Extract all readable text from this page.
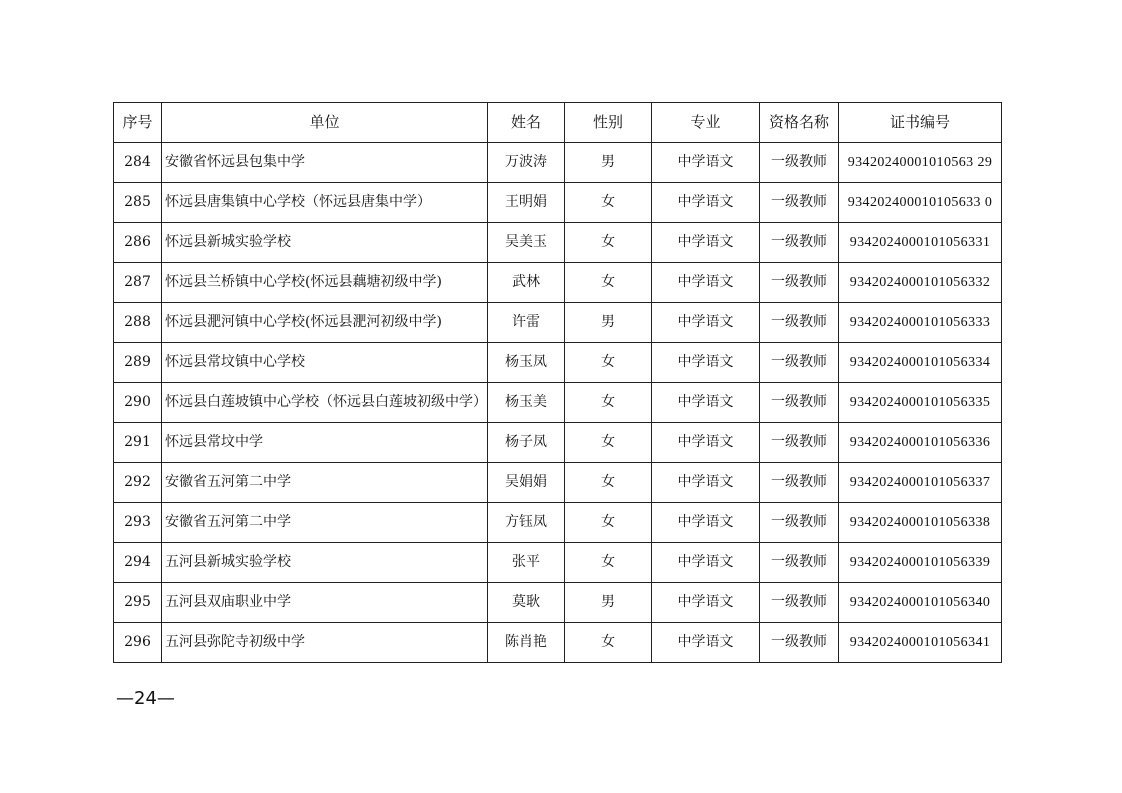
序号	单位	姓名	性别	专业	资格名称	证书编号
284	安徽省怀远县包集中学	万波涛	男	中学语文	一级教师	93420240001010563 29
285	怀远县唐集镇中心学校（怀远县唐集中学）	王明娟	女	中学语文	一级教师	934202400010105633 0
286	怀远县新城实验学校	吴美玉	女	中学语文	一级教师	9342024000101056331
287	怀远县兰桥镇中心学校(怀远县藕塘初级中学)	武林	女	中学语文	一级教师	9342024000101056332
288	怀远县淝河镇中心学校(怀远县淝河初级中学)	许雷	男	中学语文	一级教师	9342024000101056333
289	怀远县常坟镇中心学校	杨玉凤	女	中学语文	一级教师	9342024000101056334
290	怀远县白莲坡镇中心学校（怀远县白莲坡初级中学）	杨玉美	女	中学语文	一级教师	9342024000101056335
291	怀远县常坟中学	杨子凤	女	中学语文	一级教师	9342024000101056336
292	安徽省五河第二中学	吴娟娟	女	中学语文	一级教师	9342024000101056337
293	安徽省五河第二中学	方钰凤	女	中学语文	一级教师	9342024000101056338
294	五河县新城实验学校	张平	女	中学语文	一级教师	9342024000101056339
295	五河县双庙职业中学	莫耿	男	中学语文	一级教师	9342024000101056340
296	五河县弥陀寺初级中学	陈肖艳	女	中学语文	一级教师	9342024000101056341
—24—
